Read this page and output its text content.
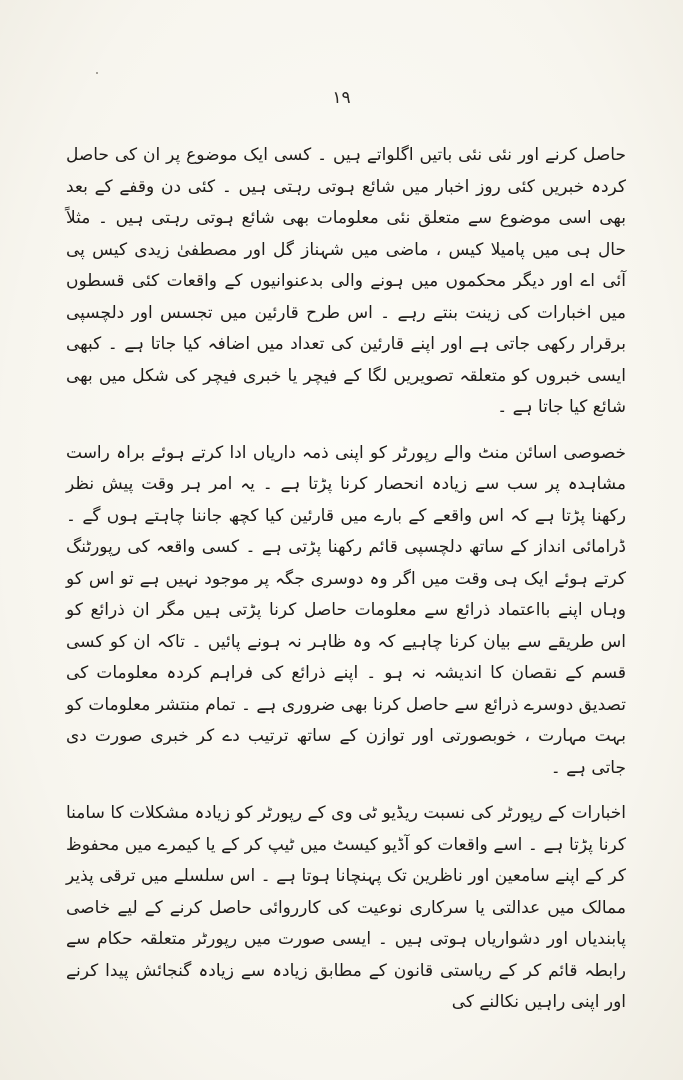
۱۹

حاصل کرنے اور نئی نئی باتیں اگلواتے ہیں ۔ کسی ایک موضوع پر ان کی حاصل کردہ خبریں کئی روز اخبار میں شائع ہوتی رہتی ہیں ۔ کئی دن وقفے کے بعد بھی اسی موضوع سے متعلق نئی معلومات بھی شائع ہوتی رہتی ہیں ۔ مثلاً حال ہی میں پامیلا کیس ، ماضی میں شہناز گل اور مصطفیٰ زیدی کیس پی آئی اے اور دیگر محکموں میں ہونے والی بدعنوانیوں کے واقعات کئی قسطوں میں اخبارات کی زینت بنتے رہے ۔ اس طرح قارئین میں تجسس اور دلچسپی برقرار رکھی جاتی ہے اور اپنے قارئین کی تعداد میں اضافہ کیا جاتا ہے ۔ کبھی ایسی خبروں کو متعلقہ تصویریں لگا کے فیچر یا خبری فیچر کی شکل میں بھی شائع کیا جاتا ہے ۔

خصوصی اسائن منٹ والے رپورٹر کو اپنی ذمہ داریاں ادا کرتے ہوئے براہ راست مشاہدہ پر سب سے زیادہ انحصار کرنا پڑتا ہے ۔ یہ امر ہر وقت پیش نظر رکھنا پڑتا ہے کہ اس واقعے کے بارے میں قارئین کیا کچھ جاننا چاہتے ہوں گے ۔ ڈرامائی انداز کے ساتھ دلچسپی قائم رکھنا پڑتی ہے ۔ کسی واقعہ کی رپورٹنگ کرتے ہوئے ایک ہی وقت میں اگر وہ دوسری جگہ پر موجود نہیں ہے تو اس کو وہاں اپنے بااعتماد ذرائع سے معلومات حاصل کرنا پڑتی ہیں مگر ان ذرائع کو اس طریقے سے بیان کرنا چاہیے کہ وہ ظاہر نہ ہونے پائیں ۔ تاکہ ان کو کسی قسم کے نقصان کا اندیشہ نہ ہو ۔ اپنے ذرائع کی فراہم کردہ معلومات کی تصدیق دوسرے ذرائع سے حاصل کرنا بھی ضروری ہے ۔ تمام منتشر معلومات کو بہت مہارت ، خوبصورتی اور توازن کے ساتھ ترتیب دے کر خبری صورت دی جاتی ہے ۔

اخبارات کے رپورٹر کی نسبت ریڈیو ٹی وی کے رپورٹر کو زیادہ مشکلات کا سامنا کرنا پڑتا ہے ۔ اسے واقعات کو آڈیو کیسٹ میں ٹیپ کر کے یا کیمرے میں محفوظ کر کے اپنے سامعین اور ناظرین تک پہنچانا ہوتا ہے ۔ اس سلسلے میں ترقی پذیر ممالک میں عدالتی یا سرکاری نوعیت کی کارروائی حاصل کرنے کے لیے خاصی پابندیاں اور دشواریاں ہوتی ہیں ۔ ایسی صورت میں رپورٹر متعلقہ حکام سے رابطہ قائم کر کے ریاستی قانون کے مطابق زیادہ سے زیادہ گنجائش پیدا کرنے اور اپنی راہیں نکالنے کی
